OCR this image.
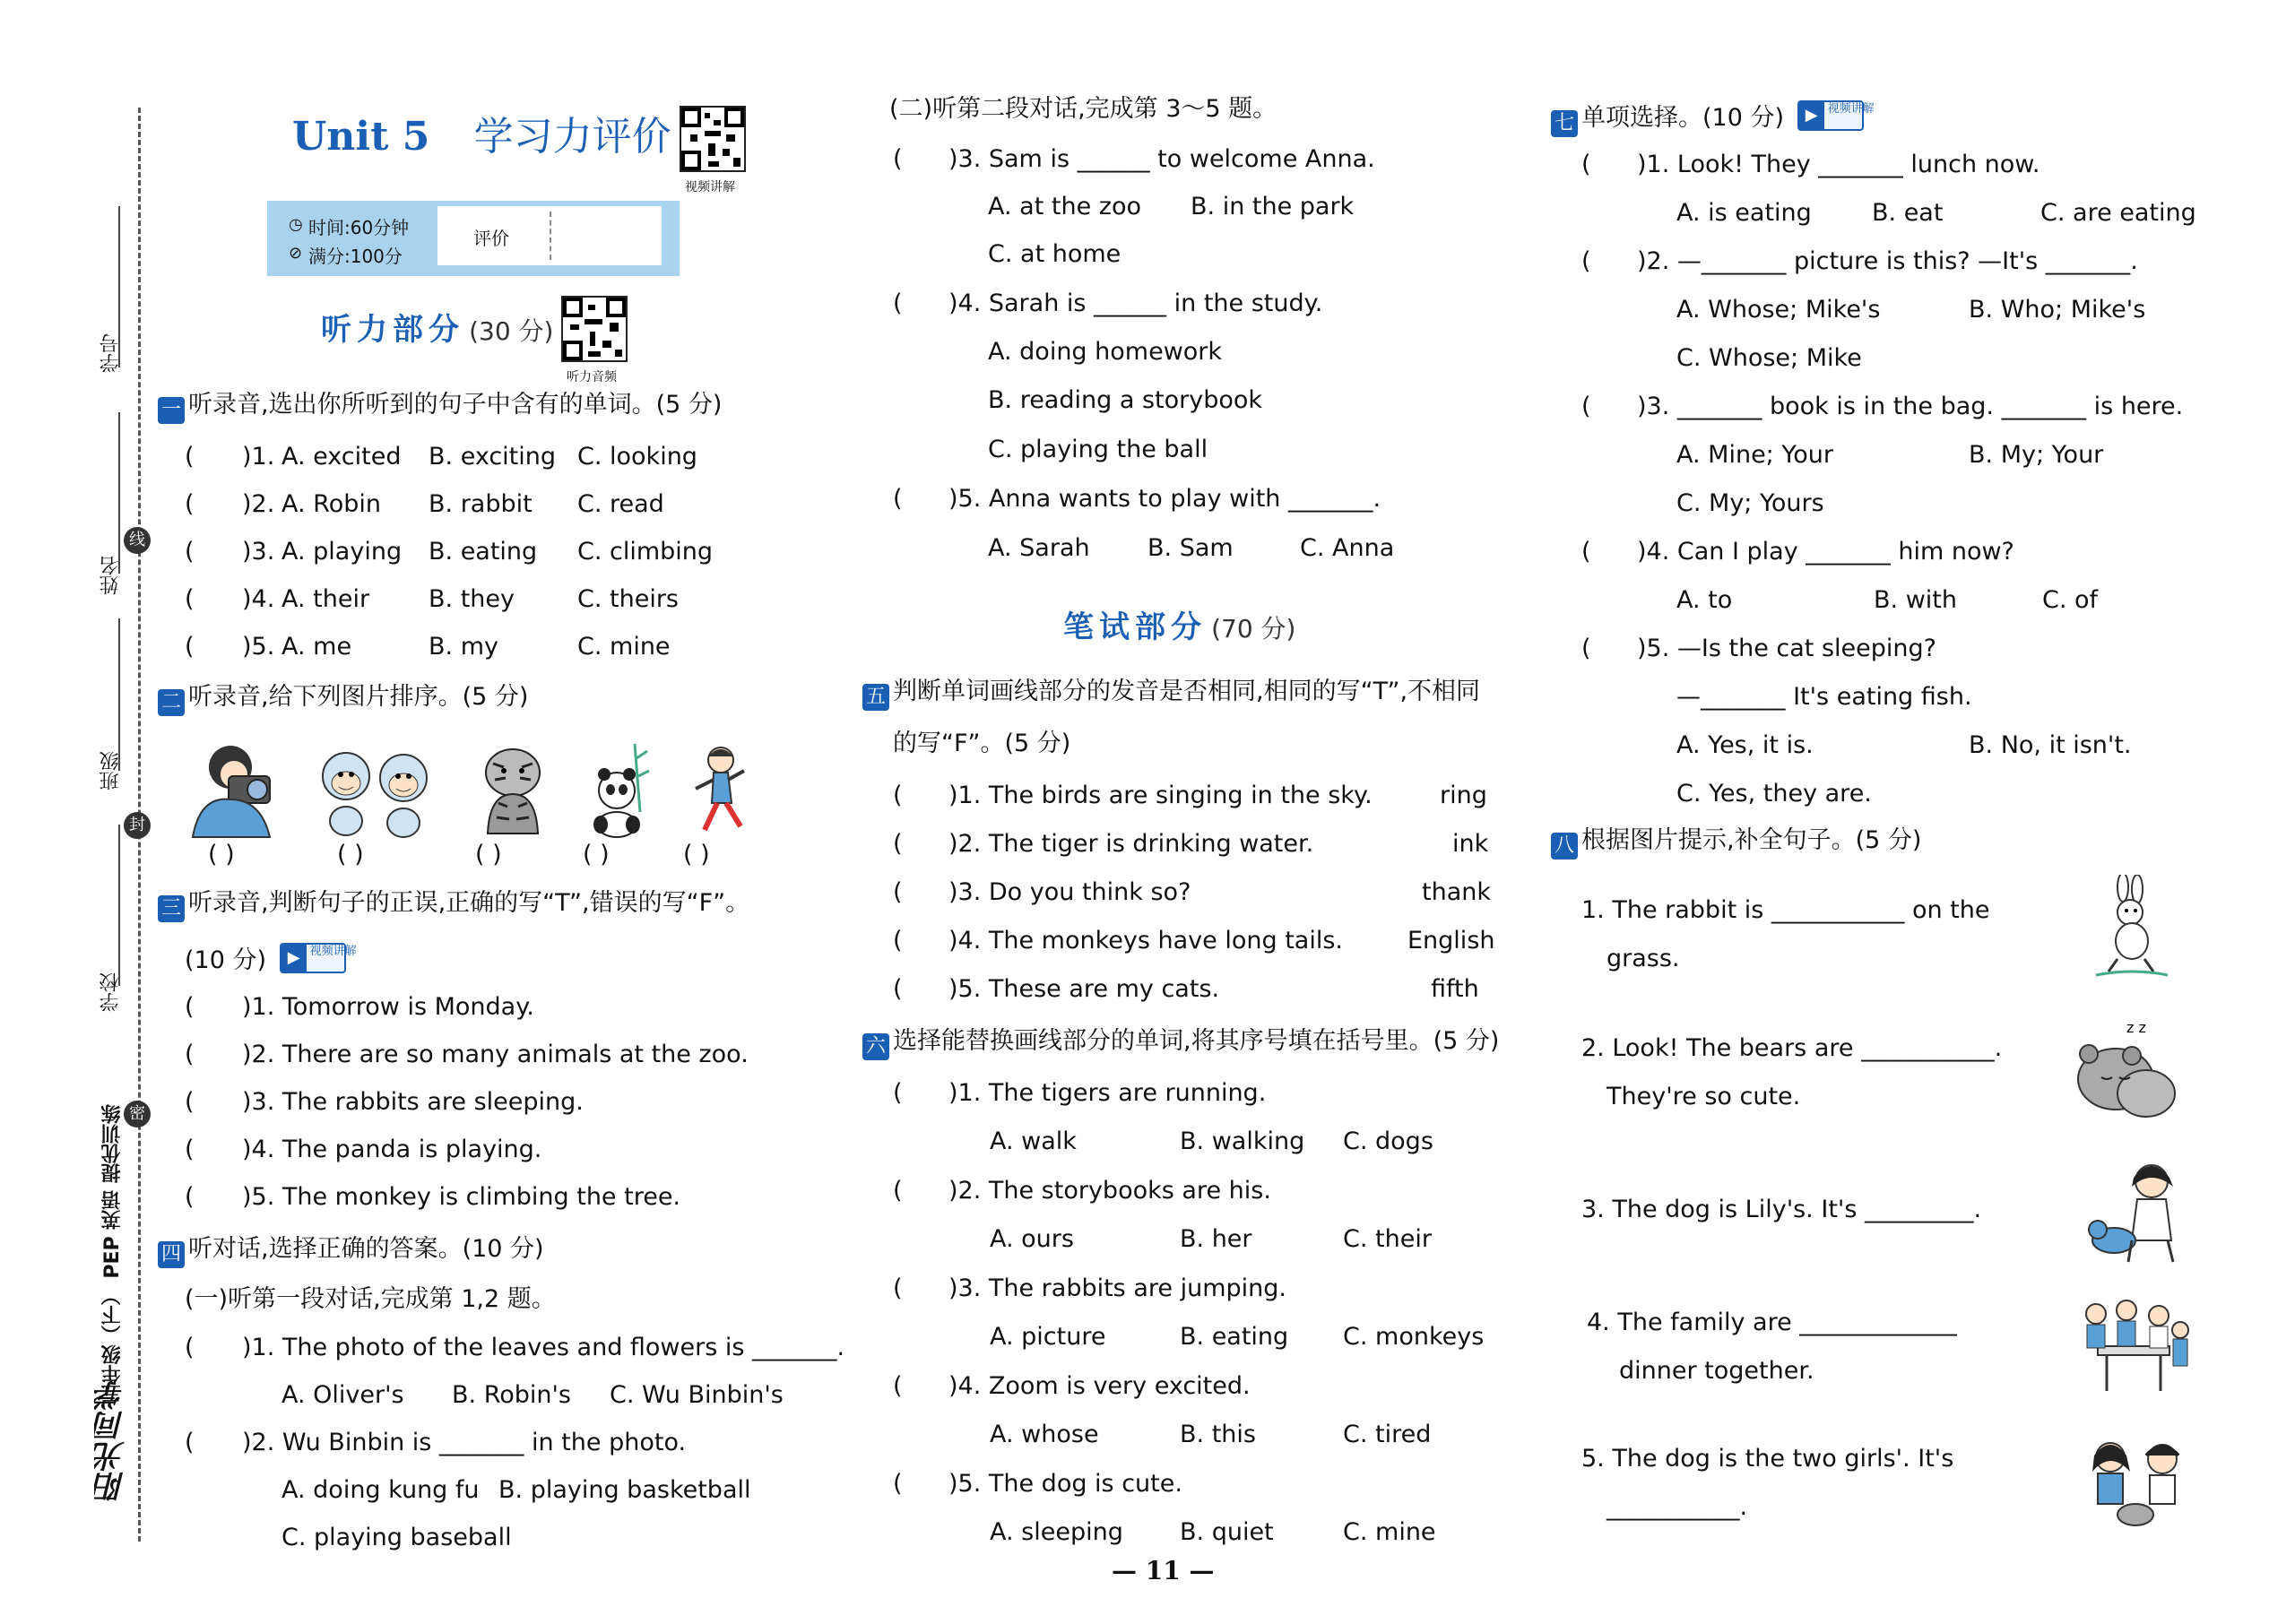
学号
姓名
班级
学校
线
封
密
五年级（下） PEP 英语 提优训练
阳光同学
Unit 5 学习力评价
视频讲解
◷ 时间:60分钟
⊘ 满分:100分
评价
听力部分 (30 分)
听力音频
一 听录音,选出你所听到的句子中含有的单词。(5 分)
( )1. A. excited B. exciting C. looking
( )2. A. Robin B. rabbit C. read
( )3. A. playing B. eating C. climbing
( )4. A. their B. they	C. theirs
( )5. A. me	B. my	C. mine
二 听录音,给下列图片排序。(5 分)
( )	( )	( )	( )	( )
三 听录音,判断句子的正误,正确的写“T”,错误的写“F”。
(10 分)	▶ 视频讲解
( )1. Tomorrow is Monday.
( )2. There are so many animals at the zoo.
( )3. The rabbits are sleeping.
( )4. The panda is playing.
( )5. The monkey is climbing the tree.
四 听对话,选择正确的答案。(10 分)
(一)听第一段对话,完成第 1,2 题。
( )1. The photo of the leaves and flowers is _______.
A. Oliver's B. Robin's C. Wu Binbin's
( )2. Wu Binbin is _______ in the photo.
A. doing kung fu B. playing basketball
C. playing baseball
(二)听第二段对话,完成第 3～5 题。
( )3. Sam is ______ to welcome Anna.
A. at the zoo B. in the park
C. at home
( )4. Sarah is ______ in the study.
A. doing homework
B. reading a storybook
C. playing the ball
( )5. Anna wants to play with _______.
A. Sarah B. Sam	C. Anna
笔试部分 (70 分)
五 判断单词画线部分的发音是否相同,相同的写“T”,不相同
的写“F”。(5 分)
( )1. The birds are singing in the sky.	ring
( )2. The tiger is drinking water.	ink
( )3. Do you think so?	thank
( )4. The monkeys have long tails.	English
( )5. These are my cats.	fifth
六 选择能替换画线部分的单词,将其序号填在括号里。(5 分)
( )1. The tigers are running.
A. walk	B. walking C. dogs
( )2. The storybooks are his.
A. ours	B. her	C. their
( )3. The rabbits are jumping.
A. picture	B. eating C. monkeys
( )4. Zoom is very excited.
A. whose	B. this	C. tired
( )5. The dog is cute.
A. sleeping B. quiet	C. mine
— 11 —
七 单项选择。(10 分)	▶ 视频讲解
( )1. Look! They _______ lunch now.
A. is eating B. eat	C. are eating
( )2. —_______ picture is this? —It's _______.
A. Whose; Mike's	B. Who; Mike's
C. Whose; Mike
( )3. _______ book is in the bag. _______ is here.
A. Mine; Your	B. My; Your
C. My; Yours
( )4. Can I play _______ him now?
A. to	B. with	C. of
( )5. —Is the cat sleeping?
—_______ It's eating fish.
A. Yes, it is.	B. No, it isn't.
C. Yes, they are.
八 根据图片提示,补全句子。(5 分)
1. The rabbit is ___________ on the
grass.
2. Look! The bears are ___________.
They're so cute.
z z
3. The dog is Lily's. It's _________.
4. The family are _____________
dinner together.
5. The dog is the two girls'. It's
___________.
